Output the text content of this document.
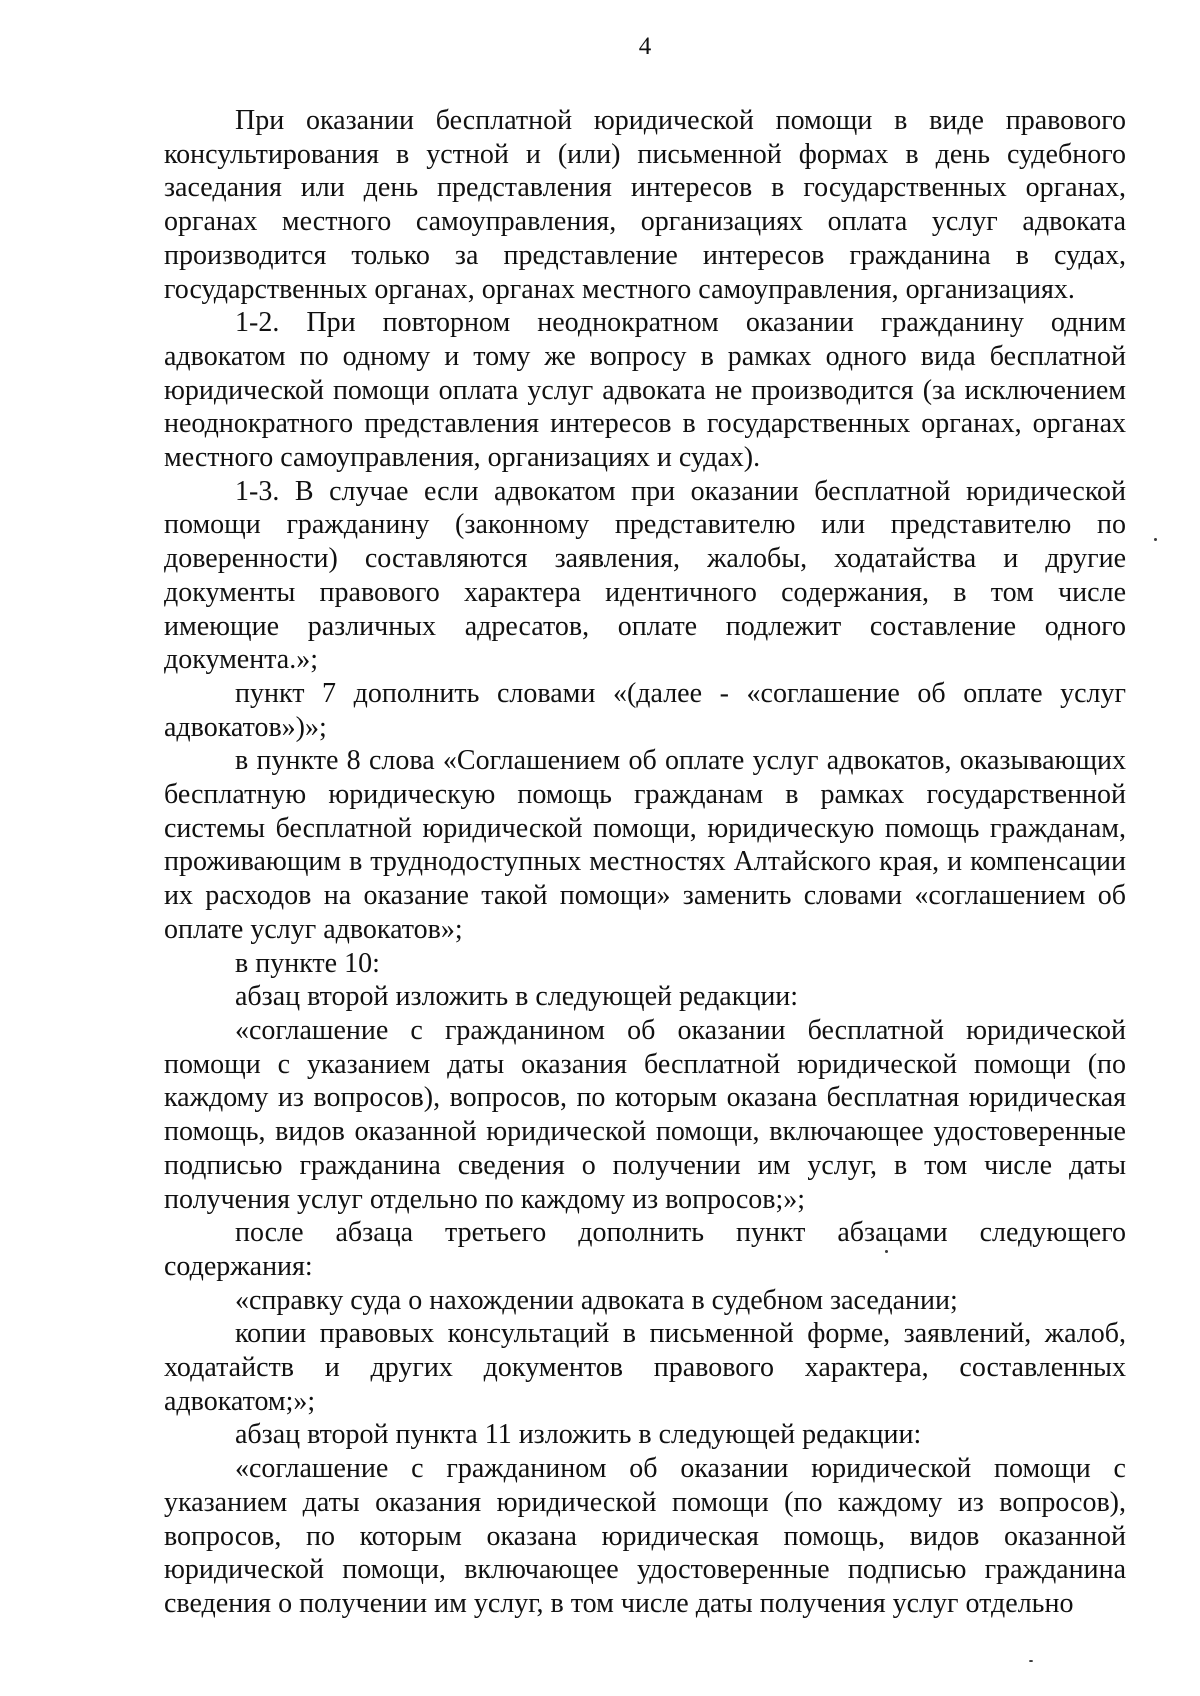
4

При оказании бесплатной юридической помощи в виде правового консультирования в устной и (или) письменной формах в день судебного заседания или день представления интересов в государственных органах, органах местного самоуправления, организациях оплата услуг адвоката производится только за представление интересов гражданина в судах, государственных органах, органах местного самоуправления, организациях.

1-2. При повторном неоднократном оказании гражданину одним адвокатом по одному и тому же вопросу в рамках одного вида бесплатной юридической помощи оплата услуг адвоката не производится (за исключением неоднократного представления интересов в государственных органах, органах местного самоуправления, организациях и судах).

1-3. В случае если адвокатом при оказании бесплатной юридической помощи гражданину (законному представителю или представителю по доверенности) составляются заявления, жалобы, ходатайства и другие документы правового характера идентичного содержания, в том числе имеющие различных адресатов, оплате подлежит составление одного документа.»;

пункт 7 дополнить словами «(далее - «соглашение об оплате услуг адвокатов»)»;

в пункте 8 слова «Соглашением об оплате услуг адвокатов, оказывающих бесплатную юридическую помощь гражданам в рамках государственной системы бесплатной юридической помощи, юридическую помощь гражданам, проживающим в труднодоступных местностях Алтайского края, и компенсации их расходов на оказание такой помощи» заменить словами «соглашением об оплате услуг адвокатов»;

в пункте 10:

абзац второй изложить в следующей редакции:

«соглашение с гражданином об оказании бесплатной юридической помощи с указанием даты оказания бесплатной юридической помощи (по каждому из вопросов), вопросов, по которым оказана бесплатная юридическая помощь, видов оказанной юридической помощи, включающее удостоверенные подписью гражданина сведения о получении им услуг, в том числе даты получения услуг отдельно по каждому из вопросов;»;

после абзаца третьего дополнить пункт абзацами следующего содержания:

«справку суда о нахождении адвоката в судебном заседании;

копии правовых консультаций в письменной форме, заявлений, жалоб, ходатайств и других документов правового характера, составленных адвокатом;»;

абзац второй пункта 11 изложить в следующей редакции:

«соглашение с гражданином об оказании юридической помощи с указанием даты оказания юридической помощи (по каждому из вопросов), вопросов, по которым оказана юридическая помощь, видов оказанной юридической помощи, включающее удостоверенные подписью гражданина сведения о получении им услуг, в том числе даты получения услуг отдельно
